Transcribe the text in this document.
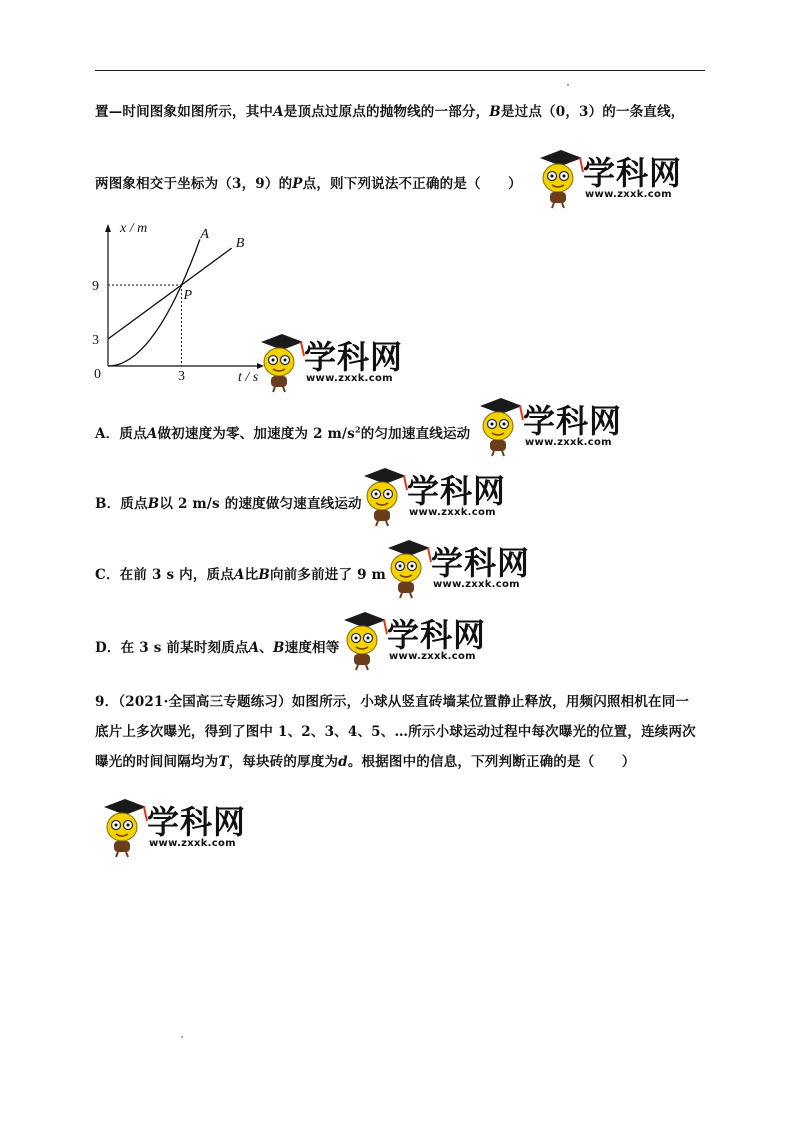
置—时间图象如图所示，其中A是顶点过原点的抛物线的一部分，B是过点（0，3）的一条直线，
两图象相交于坐标为（3，9）的P点，则下列说法不正确的是（　　）
x / m
t / s
0	3
9
3
P
A
B
A．质点A做初速度为零、加速度为 2 $m/s^2$的匀加速直线运动
B．质点B以 2 m/s 的速度做匀速直线运动
C．在前 3 s 内，质点A比B向前多前进了 9 m
D．在 3 s 前某时刻质点A、B速度相等
9．（2021·全国高三专题练习）如图所示，小球从竖直砖墙某位置静止释放，用频闪照相机在同一
底片上多次曝光，得到了图中 1、2、3、4、5、…所示小球运动过程中每次曝光的位置，连续两次
曝光的时间间隔均为T，每块砖的厚度为d。根据图中的信息，下列判断正确的是（　　）
学科网
www.zxxk.com
学科网
www.zxxk.com
学科网
www.zxxk.com
学科网
www.zxxk.com
学科网
www.zxxk.com
学科网
www.zxxk.com
学科网
www.zxxk.com
